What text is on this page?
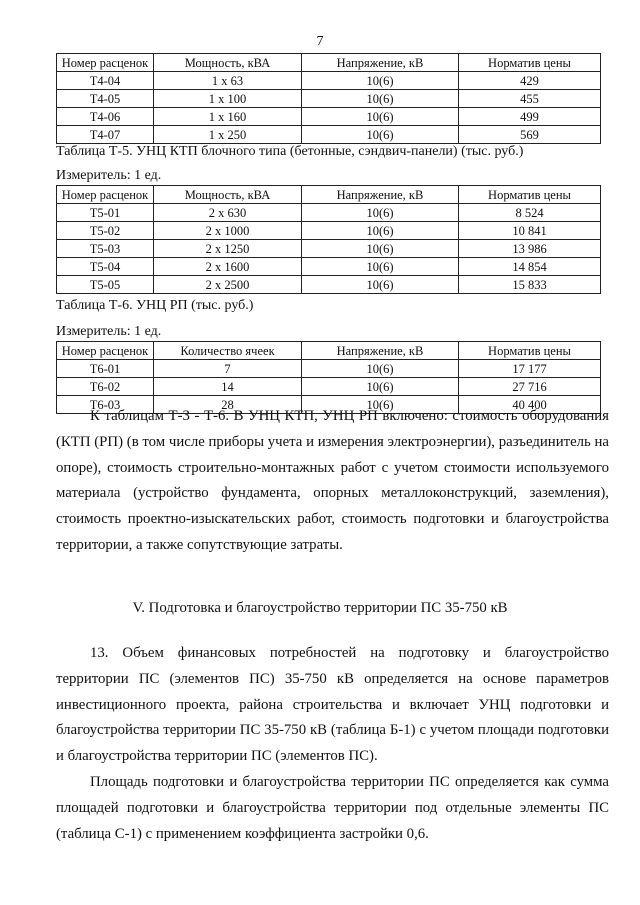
7
Номер расценок	Мощность, кВА	Напряжение, кВ	Норматив цены
Т4-04	1 х 63	10(6)	429
Т4-05	1 х 100	10(6)	455
Т4-06	1 х 160	10(6)	499
Т4-07	1 х 250	10(6)	569
Таблица Т-5. УНЦ КТП блочного типа (бетонные, сэндвич-панели) (тыс. руб.)
Измеритель: 1 ед.
Номер расценок	Мощность, кВА	Напряжение, кВ	Норматив цены
Т5-01	2 х 630	10(6)	8 524
Т5-02	2 х 1000	10(6)	10 841
Т5-03	2 х 1250	10(6)	13 986
Т5-04	2 х 1600	10(6)	14 854
Т5-05	2 х 2500	10(6)	15 833
Таблица Т-6. УНЦ РП (тыс. руб.)
Измеритель: 1 ед.
Номер расценок	Количество ячеек	Напряжение, кВ	Норматив цены
Т6-01	7	10(6)	17 177
Т6-02	14	10(6)	27 716
Т6-03	28	10(6)	40 400

К таблицам Т-3 - Т-6. В УНЦ КТП, УНЦ РП включено: стоимость оборудования (КТП (РП) (в том числе приборы учета и измерения электроэнергии), разъединитель на опоре), стоимость строительно-монтажных работ с учетом стоимости используемого материала (устройство фундамента, опорных металлоконструкций, заземления), стоимость проектно-изыскательских работ, стоимость подготовки и благоустройства территории, а также сопутствующие затраты.

V. Подготовка и благоустройство территории ПС 35-750 кВ

13. Объем финансовых потребностей на подготовку и благоустройство территории ПС (элементов ПС) 35-750 кВ определяется на основе параметров инвестиционного проекта, района строительства и включает УНЦ подготовки и благоустройства территории ПС 35-750 кВ (таблица Б-1) с учетом площади подготовки и благоустройства территории ПС (элементов ПС).

Площадь подготовки и благоустройства территории ПС определяется как сумма площадей подготовки и благоустройства территории под отдельные элементы ПС (таблица С-1) с применением коэффициента застройки 0,6.
